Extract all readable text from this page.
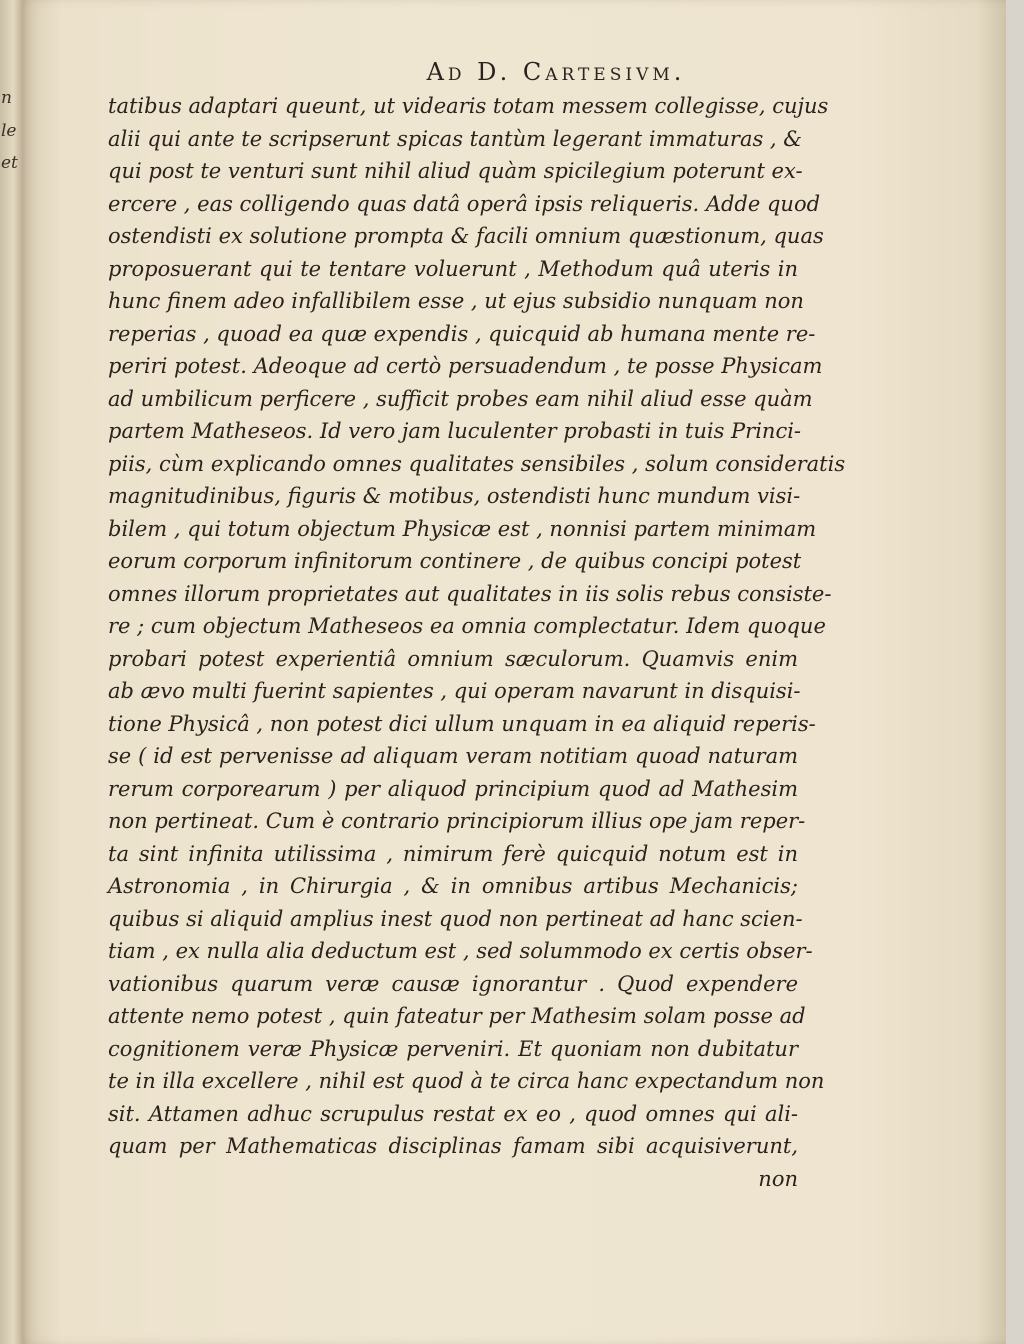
n
le
et
Ad D. Cartesivm.
tatibus adaptari queunt, ut videaris totam messem collegisse, cujus
alii qui ante te scripserunt spicas tantùm legerant immaturas , &
qui post te venturi sunt nihil aliud quàm spicilegium poterunt ex-
ercere , eas colligendo quas datâ operâ ipsis reliqueris. Adde quod
ostendisti ex solutione prompta & facili omnium quæstionum, quas
proposuerant qui te tentare voluerunt , Methodum quâ uteris in
hunc finem adeo infallibilem esse , ut ejus subsidio nunquam non
reperias , quoad ea quæ expendis , quicquid ab humana mente re-
periri potest. Adeoque ad certò persuadendum , te posse Physicam
ad umbilicum perficere , sufficit probes eam nihil aliud esse quàm
partem Matheseos. Id vero jam luculenter probasti in tuis Princi-
piis, cùm explicando omnes qualitates sensibiles , solum consideratis
magnitudinibus, figuris & motibus, ostendisti hunc mundum visi-
bilem , qui totum objectum Physicæ est , nonnisi partem minimam
eorum corporum infinitorum continere , de quibus concipi potest
omnes illorum proprietates aut qualitates in iis solis rebus consiste-
re ; cum objectum Matheseos ea omnia complectatur. Idem quoque
probari potest experientiâ omnium sæculorum. Quamvis enim
ab ævo multi fuerint sapientes , qui operam navarunt in disquisi-
tione Physicâ , non potest dici ullum unquam in ea aliquid reperis-
se ( id est pervenisse ad aliquam veram notitiam quoad naturam
rerum corporearum ) per aliquod principium quod ad Mathesim
non pertineat. Cum è contrario principiorum illius ope jam reper-
ta sint infinita utilissima , nimirum ferè quicquid notum est in
Astronomia , in Chirurgia , & in omnibus artibus Mechanicis;
quibus si aliquid amplius inest quod non pertineat ad hanc scien-
tiam , ex nulla alia deductum est , sed solummodo ex certis obser-
vationibus quarum veræ causæ ignorantur . Quod expendere
attente nemo potest , quin fateatur per Mathesim solam posse ad
cognitionem veræ Physicæ perveniri. Et quoniam non dubitatur
te in illa excellere , nihil est quod à te circa hanc expectandum non
sit. Attamen adhuc scrupulus restat ex eo , quod omnes qui ali-
quam per Mathematicas disciplinas famam sibi acquisiverunt,
non
